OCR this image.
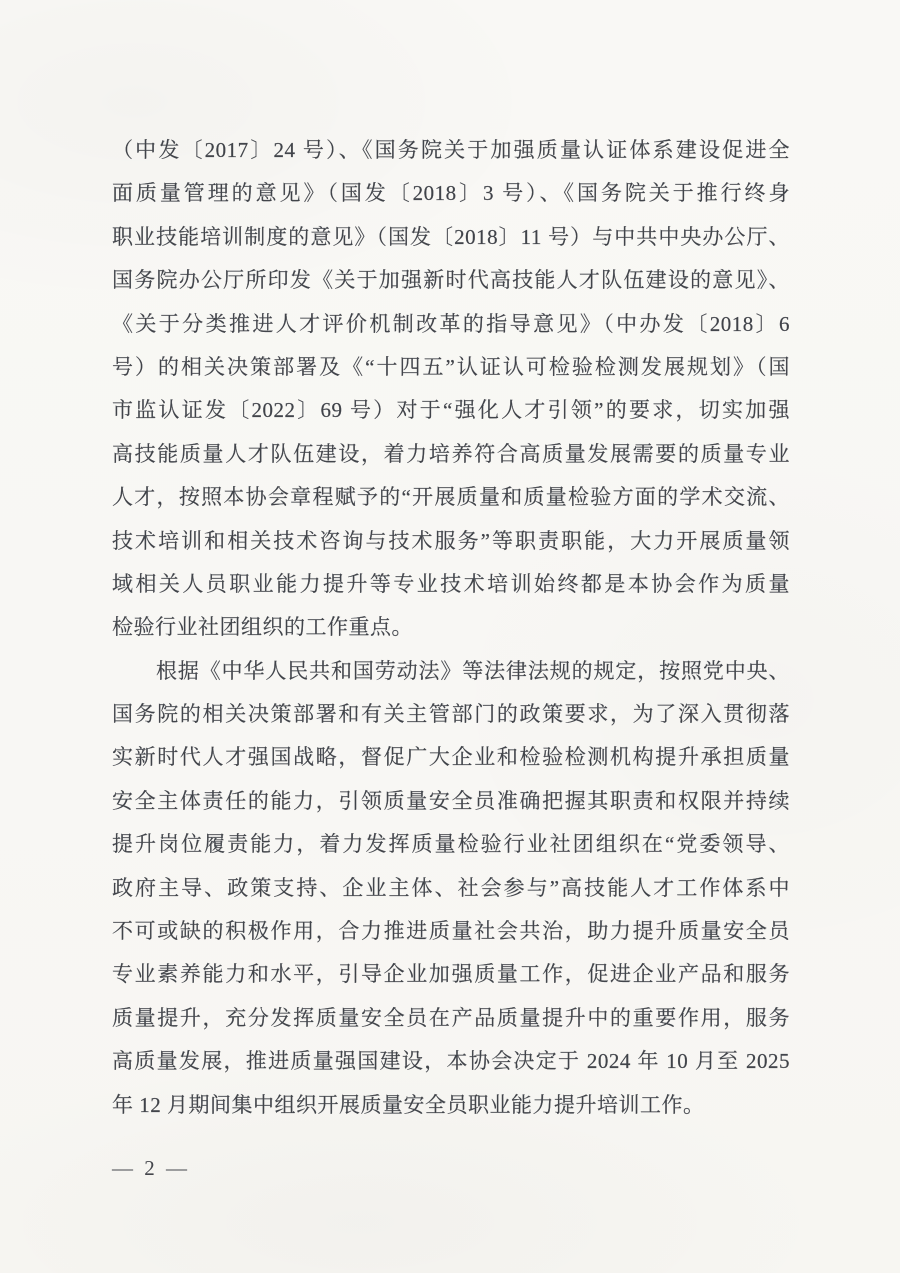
（中发〔2017〕24 号）、《国务院关于加强质量认证体系建设促进全
面质量管理的意见》（国发〔2018〕3 号）、《国务院关于推行终身
职业技能培训制度的意见》（国发〔2018〕11 号）与中共中央办公厅、
国务院办公厅所印发《关于加强新时代高技能人才队伍建设的意见》、
《关于分类推进人才评价机制改革的指导意见》（中办发〔2018〕6
号）的相关决策部署及《“十四五”认证认可检验检测发展规划》（国
市监认证发〔2022〕69 号）对于“强化人才引领”的要求，切实加强
高技能质量人才队伍建设，着力培养符合高质量发展需要的质量专业
人才，按照本协会章程赋予的“开展质量和质量检验方面的学术交流、
技术培训和相关技术咨询与技术服务”等职责职能，大力开展质量领
域相关人员职业能力提升等专业技术培训始终都是本协会作为质量
检验行业社团组织的工作重点。
根据《中华人民共和国劳动法》等法律法规的规定，按照党中央、
国务院的相关决策部署和有关主管部门的政策要求，为了深入贯彻落
实新时代人才强国战略，督促广大企业和检验检测机构提升承担质量
安全主体责任的能力，引领质量安全员准确把握其职责和权限并持续
提升岗位履责能力，着力发挥质量检验行业社团组织在“党委领导、
政府主导、政策支持、企业主体、社会参与”高技能人才工作体系中
不可或缺的积极作用，合力推进质量社会共治，助力提升质量安全员
专业素养能力和水平，引导企业加强质量工作，促进企业产品和服务
质量提升，充分发挥质量安全员在产品质量提升中的重要作用，服务
高质量发展，推进质量强国建设，本协会决定于 2024 年 10 月至 2025
年 12 月期间集中组织开展质量安全员职业能力提升培训工作。
— 2 —
